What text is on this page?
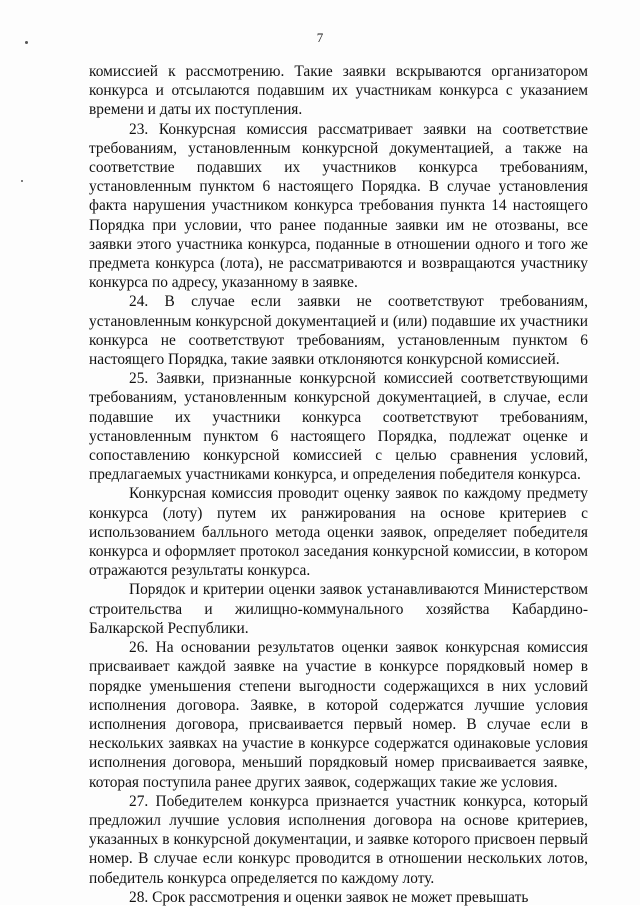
7

комиссией к рассмотрению. Такие заявки вскрываются организатором конкурса и отсылаются подавшим их участникам конкурса с указанием времени и даты их поступления.

23. Конкурсная комиссия рассматривает заявки на соответствие требованиям, установленным конкурсной документацией, а также на соответствие подавших их участников конкурса требованиям, установленным пунктом 6 настоящего Порядка. В случае установления факта нарушения участником конкурса требования пункта 14 настоящего Порядка при условии, что ранее поданные заявки им не отозваны, все заявки этого участника конкурса, поданные в отношении одного и того же предмета конкурса (лота), не рассматриваются и возвращаются участнику конкурса по адресу, указанному в заявке.

24. В случае если заявки не соответствуют требованиям, установленным конкурсной документацией и (или) подавшие их участники конкурса не соответствуют требованиям, установленным пунктом 6 настоящего Порядка, такие заявки отклоняются конкурсной комиссией.

25. Заявки, признанные конкурсной комиссией соответствующими требованиям, установленным конкурсной документацией, в случае, если подавшие их участники конкурса соответствуют требованиям, установленным пунктом 6 настоящего Порядка, подлежат оценке и сопоставлению конкурсной комиссией с целью сравнения условий, предлагаемых участниками конкурса, и определения победителя конкурса.

Конкурсная комиссия проводит оценку заявок по каждому предмету конкурса (лоту) путем их ранжирования на основе критериев с использованием балльного метода оценки заявок, определяет победителя конкурса и оформляет протокол заседания конкурсной комиссии, в котором отражаются результаты конкурса.

Порядок и критерии оценки заявок устанавливаются Министерством строительства и жилищно-коммунального хозяйства Кабардино-Балкарской Республики.

26. На основании результатов оценки заявок конкурсная комиссия присваивает каждой заявке на участие в конкурсе порядковый номер в порядке уменьшения степени выгодности содержащихся в них условий исполнения договора. Заявке, в которой содержатся лучшие условия исполнения договора, присваивается первый номер. В случае если в нескольких заявках на участие в конкурсе содержатся одинаковые условия исполнения договора, меньший порядковый номер присваивается заявке, которая поступила ранее других заявок, содержащих такие же условия.

27. Победителем конкурса признается участник конкурса, который предложил лучшие условия исполнения договора на основе критериев, указанных в конкурсной документации, и заявке которого присвоен первый номер. В случае если конкурс проводится в отношении нескольких лотов, победитель конкурса определяется по каждому лоту.

28. Срок рассмотрения и оценки заявок не может превышать
